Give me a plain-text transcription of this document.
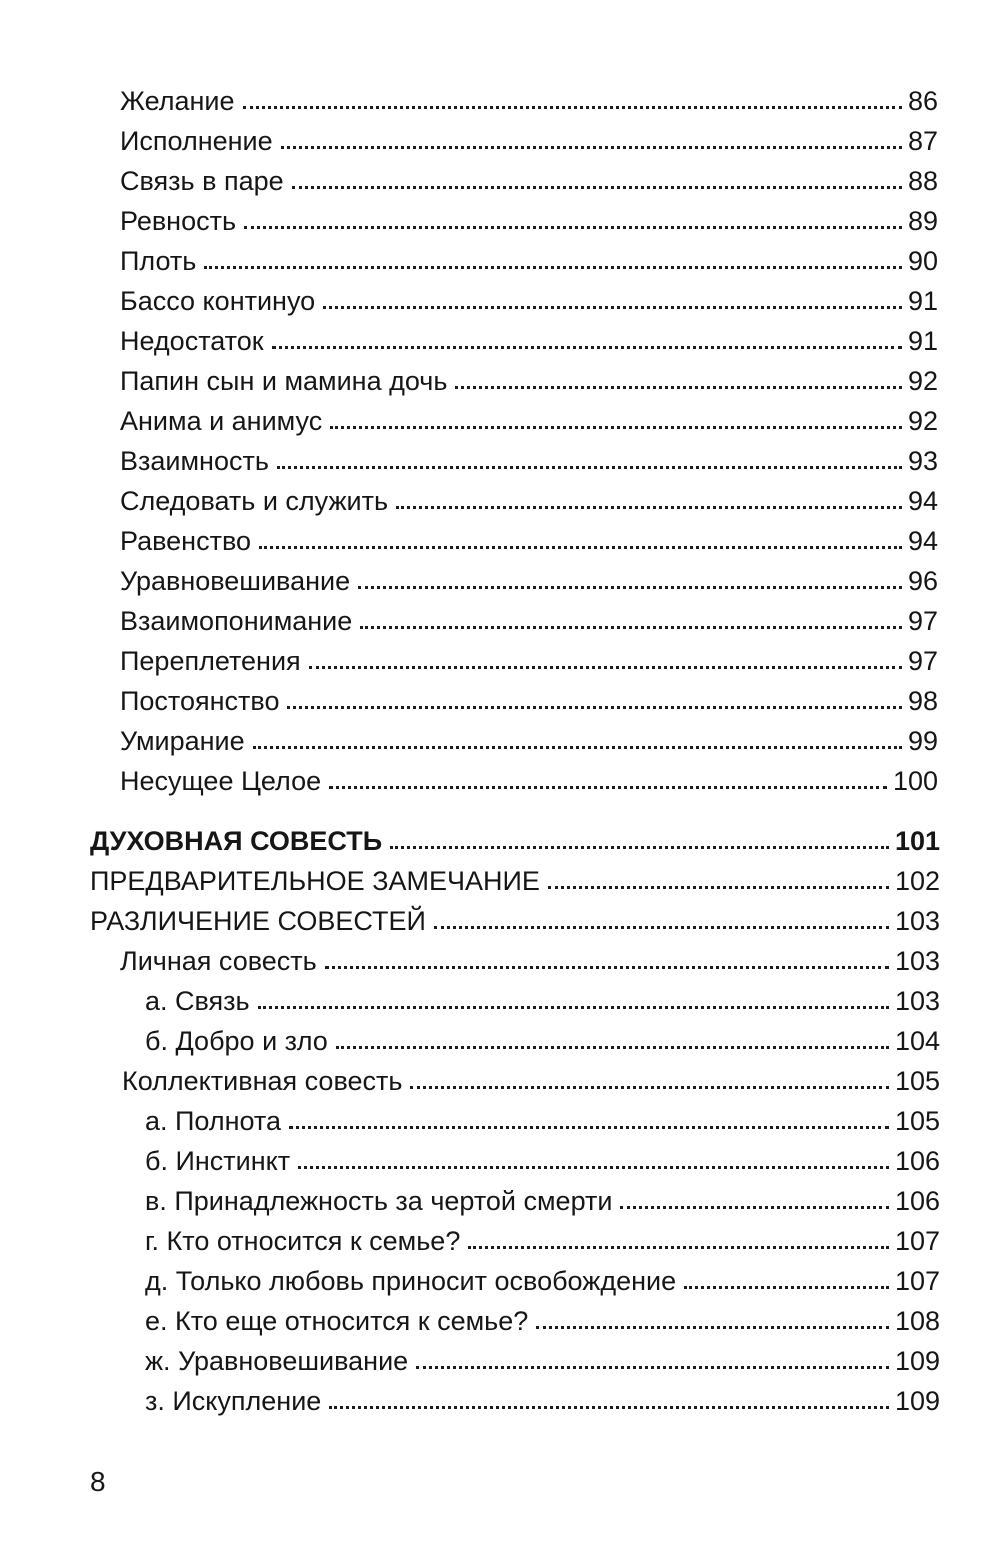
Желание	86
Исполнение	87
Связь в паре	88
Ревность	89
Плоть	90
Бассо континуо	91
Недостаток	91
Папин сын и мамина дочь	92
Анима и анимус	92
Взаимность	93
Следовать и служить	94
Равенство	94
Уравновешивание	96
Взаимопонимание	97
Переплетения	97
Постоянство	98
Умирание	99
Несущее Целое	100
ДУХОВНАЯ СОВЕСТЬ	101
ПРЕДВАРИТЕЛЬНОЕ ЗАМЕЧАНИЕ	102
РАЗЛИЧЕНИЕ СОВЕСТЕЙ	103
Личная совесть	103
а. Связь	103
б. Добро и зло	104
Коллективная совесть	105
а. Полнота	105
б. Инстинкт	106
в. Принадлежность за чертой смерти	106
г. Кто относится к семье?	107
д. Только любовь приносит освобождение	107
е. Кто еще относится к семье?	108
ж. Уравновешивание	109
з. Искупление	109
8
